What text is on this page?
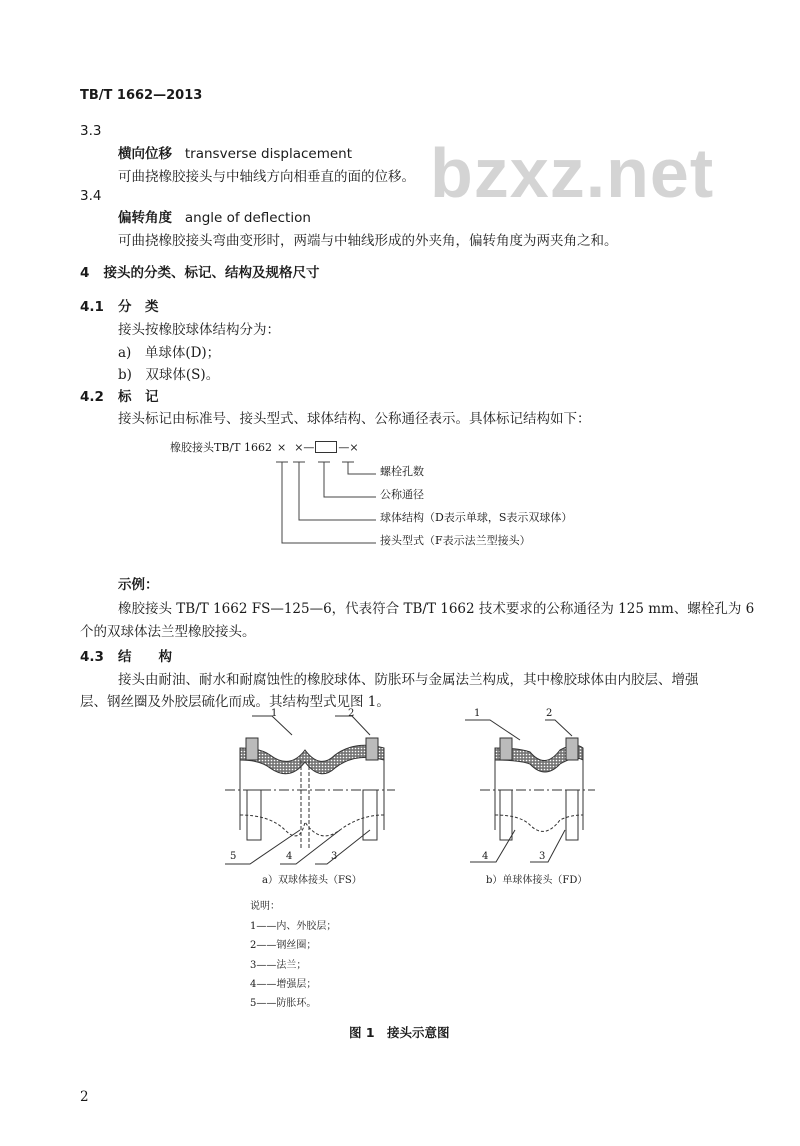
bzxz.net
TB/T 1662—2013
3.3
横向位移 transverse displacement
可曲挠橡胶接头与中轴线方向相垂直的面的位移。
3.4
偏转角度 angle of deflection
可曲挠橡胶接头弯曲变形时，两端与中轴线形成的外夹角，偏转角度为两夹角之和。
4 接头的分类、标记、结构及规格尺寸
4.1 分　类
接头按橡胶球体结构分为：
a)　单球体(D)；
b)　双球体(S)。
4.2 标　记
接头标记由标准号、接头型式、球体结构、公称通径表示。具体标记结构如下：
橡胶接头TB/T 1662 × ×— —×
螺栓孔数
公称通径
球体结构（D表示单球，S表示双球体）
接头型式（F表示法兰型接头）
示例：
橡胶接头 TB/T 1662 FS—125—6，代表符合 TB/T 1662 技术要求的公称通径为 125 mm、螺栓孔为 6
个的双球体法兰型橡胶接头。
4.3 结　　构
接头由耐油、耐水和耐腐蚀性的橡胶球体、防胀环与金属法兰构成，其中橡胶球体由内胶层、增强
层、钢丝圈及外胶层硫化而成。其结构型式见图 1。
1	2
5	4	3
1	2
4	3
a）双球体接头（FS）	b）单球体接头（FD）
说明：
1——内、外胶层；
2——钢丝圈；
3——法兰；
4——增强层；
5——防胀环。
图 1　接头示意图
2
